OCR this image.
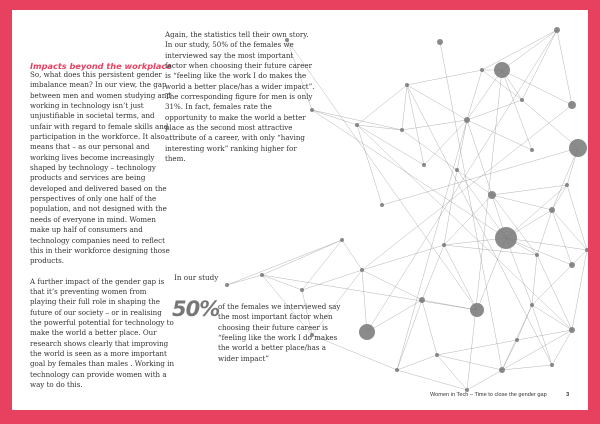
Impacts beyond the workplace

So, what does this persistent gender imbalance mean? In our view, the gap between men and women studying and working in technology isn’t just unjustifiable in societal terms, and unfair with regard to female skills and participation in the workforce. It also means that – as our personal and working lives become increasingly shaped by technology – technology products and services are being developed and delivered based on the perspectives of only one half of the population, and not designed with the needs of everyone in mind. Women make up half of consumers and technology companies need to reflect this in their workforce designing those products.

A further impact of the gender gap is that it’s preventing women from playing their full role in shaping the future of our society – or in realising the powerful potential for technology to make the world a better place. Our research shows clearly that improving the world is seen as a more important goal by females than males . Working in technology can provide women with a way to do this.

Again, the statistics tell their own story. In our study, 50% of the females we interviewed say the most important factor when choosing their future career is “feeling like the work I do makes the world a better place/has a wider impact”. The corresponding figure for men is only 31%. In fact, females rate the opportunity to make the world a better place as the second most attractive attribute of a career, with only “having interesting work” ranking higher for them.

In our study
50%
of the females we interviewed say the most important factor when choosing their future career is “feeling like the work I do makes the world a better place/has a wider impact”
Women in Tech – Time to close the gender gap	3
